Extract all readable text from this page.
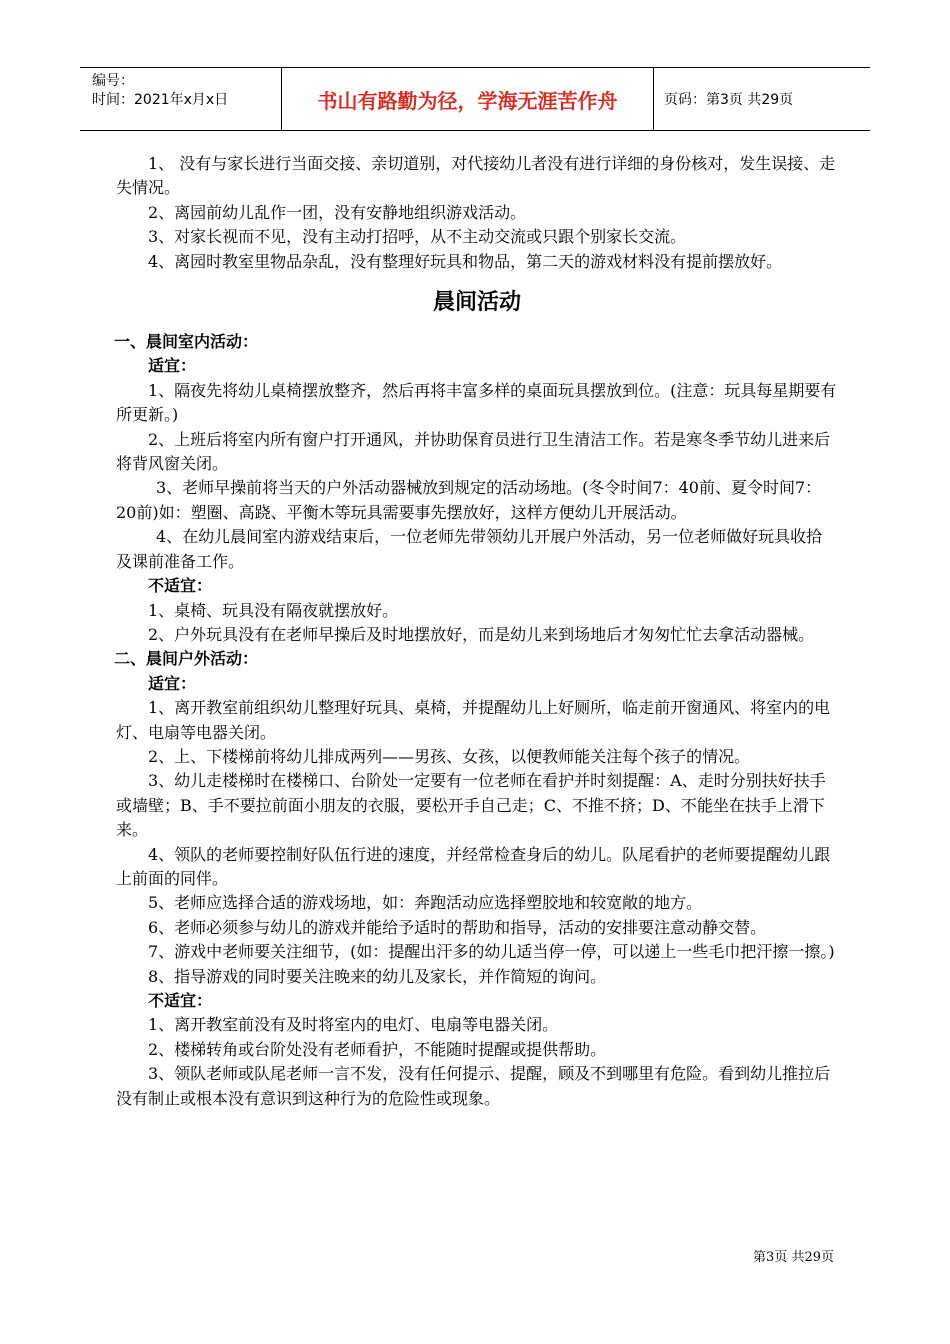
编号：
时间：2021年x月x日	书山有路勤为径，学海无涯苦作舟	页码：第3页 共29页

1、 没有与家长进行当面交接、亲切道别，对代接幼儿者没有进行详细的身份核对，发生误接、走失情况。

2、离园前幼儿乱作一团，没有安静地组织游戏活动。

3、对家长视而不见，没有主动打招呼，从不主动交流或只跟个别家长交流。

4、离园时教室里物品杂乱，没有整理好玩具和物品，第二天的游戏材料没有提前摆放好。

晨间活动

一、晨间室内活动：

适宜：

1、隔夜先将幼儿桌椅摆放整齐，然后再将丰富多样的桌面玩具摆放到位。(注意：玩具每星期要有所更新。)

2、上班后将室内所有窗户打开通风，并协助保育员进行卫生清洁工作。若是寒冬季节幼儿进来后将背风窗关闭。

3、老师早操前将当天的户外活动器械放到规定的活动场地。(冬令时间7：40前、夏令时间7：20前)如：塑圈、高跷、平衡木等玩具需要事先摆放好，这样方便幼儿开展活动。

4、在幼儿晨间室内游戏结束后，一位老师先带领幼儿开展户外活动，另一位老师做好玩具收拾及课前准备工作。

不适宜：

1、桌椅、玩具没有隔夜就摆放好。

2、户外玩具没有在老师早操后及时地摆放好，而是幼儿来到场地后才匆匆忙忙去拿活动器械。

二、晨间户外活动：

适宜：

1、离开教室前组织幼儿整理好玩具、桌椅，并提醒幼儿上好厕所，临走前开窗通风、将室内的电灯、电扇等电器关闭。

2、上、下楼梯前将幼儿排成两列——男孩、女孩，以便教师能关注每个孩子的情况。

3、幼儿走楼梯时在楼梯口、台阶处一定要有一位老师在看护并时刻提醒：A、走时分别扶好扶手或墙壁；B、手不要拉前面小朋友的衣服，要松开手自己走；C、不推不挤；D、不能坐在扶手上滑下来。

4、领队的老师要控制好队伍行进的速度，并经常检查身后的幼儿。队尾看护的老师要提醒幼儿跟上前面的同伴。

5、老师应选择合适的游戏场地，如：奔跑活动应选择塑胶地和较宽敞的地方。

6、老师必须参与幼儿的游戏并能给予适时的帮助和指导，活动的安排要注意动静交替。

7、游戏中老师要关注细节，(如：提醒出汗多的幼儿适当停一停，可以递上一些毛巾把汗擦一擦。)

8、指导游戏的同时要关注晚来的幼儿及家长，并作简短的询问。

不适宜：

1、离开教室前没有及时将室内的电灯、电扇等电器关闭。

2、楼梯转角或台阶处没有老师看护，不能随时提醒或提供帮助。

3、领队老师或队尾老师一言不发，没有任何提示、提醒，顾及不到哪里有危险。看到幼儿推拉后没有制止或根本没有意识到这种行为的危险性或现象。

第3页 共29页
